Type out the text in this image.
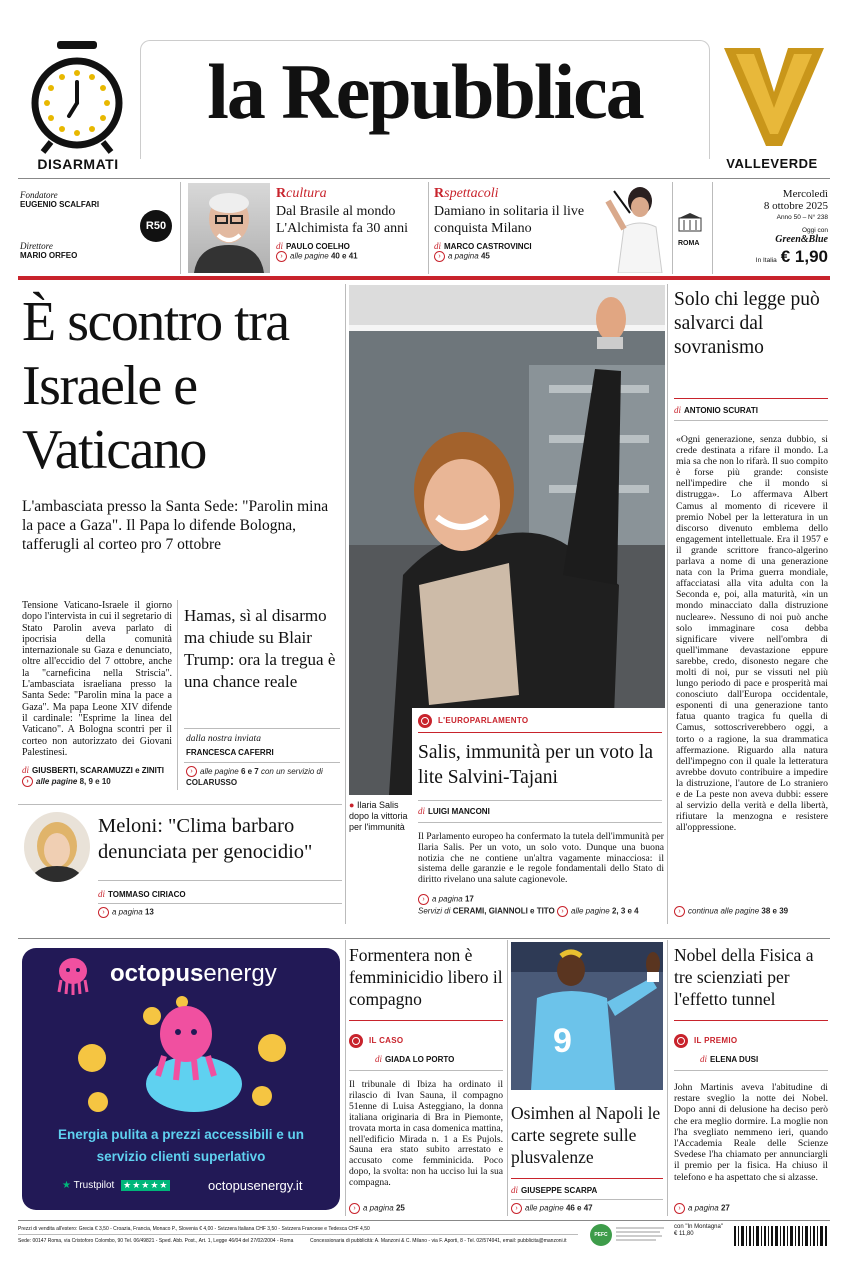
DISARMATI
la Repubblica
VALLEVERDE
Fondatore
EUGENIO SCALFARI
Direttore
MARIO ORFEO
R50
Rcultura
Dal Brasile al mondo L'Alchimista fa 30 anni
di PAULO COELHO
› alle pagine 40 e 41
Rspettacoli
Damiano in solitaria il live conquista Milano
di MARCO CASTROVINCI
› a pagina 45
ROMA
Mercoledì
8 ottobre 2025
Anno 50 – N° 238
Oggi con
Green&Blue
In Italia € 1,90
È scontro tra Israele e Vaticano
L'ambasciata presso la Santa Sede: "Parolin mina la pace a Gaza". Il Papa lo difende Bologna, tafferugli al corteo pro 7 ottobre
Tensione Vaticano-Israele il giorno dopo l'intervista in cui il segretario di Stato Parolin aveva parlato di ipocrisia della comunità internazionale su Gaza e denunciato, oltre all'eccidio del 7 ottobre, anche la "carneficina nella Striscia". L'ambasciata israeliana presso la Santa Sede: "Parolin mina la pace a Gaza". Ma papa Leone XIV difende il cardinale: "Esprime la linea del Vaticano". A Bologna scontri per il corteo non autorizzato dei Giovani Palestinesi.
di GIUSBERTI, SCARAMUZZI e ZINITI › alle pagine 8, 9 e 10
Hamas, sì al disarmo ma chiude su Blair Trump: ora la tregua è una chance reale
dalla nostra inviata
FRANCESCA CAFERRI
› alle pagine 6 e 7 con un servizio di COLARUSSO
Meloni: "Clima barbaro denunciata per genocidio"
di TOMMASO CIRIACO
› a pagina 13
● Ilaria Salis dopo la vittoria per l'immunità
L'EUROPARLAMENTO
Salis, immunità per un voto la lite Salvini-Tajani
di LUIGI MANCONI
Il Parlamento europeo ha confermato la tutela dell'immunità per Ilaria Salis. Per un voto, un solo voto. Dunque una buona notizia che ne contiene un'altra vagamente minacciosa: il sistema delle garanzie e le regole fondamentali dello Stato di diritto rivelano una salute cagionevole.
› a pagina 17
Servizi di CERAMI, GIANNOLI e TITO › alle pagine 2, 3 e 4
Solo chi legge può salvarci dal sovranismo
di ANTONIO SCURATI
«Ogni generazione, senza dubbio, si crede destinata a rifare il mondo. La mia sa che non lo rifarà. Il suo compito è forse più grande: consiste nell'impedire che il mondo si distrugga». Lo affermava Albert Camus al momento di ricevere il premio Nobel per la letteratura in un discorso divenuto emblema dello engagement intellettuale. Era il 1957 e il grande scrittore franco-algerino parlava a nome di una generazione nata con la Prima guerra mondiale, affacciatasi alla vita adulta con la Seconda e, poi, alla maturità, «in un mondo minacciato dalla distruzione nucleare». Nessuno di noi può anche solo immaginare cosa debba significare vivere nell'ombra di quell'immane devastazione eppure sarebbe, credo, disonesto negare che molti di noi, pur se vissuti nel più lungo periodo di pace e prosperità mai conosciuto dall'Europa occidentale, esponenti di una generazione tanto fatua quanto tragica fu quella di Camus, sottoscriverebbero oggi, a torto o a ragione, la sua drammatica affermazione. Riguardo alla natura dell'impegno con il quale la letteratura avrebbe dovuto contribuire a impedire la distruzione, l'autore de Lo straniero e de La peste non aveva dubbi: essere al servizio della verità e della libertà, rifiutare la menzogna e resistere all'oppressione.
› continua alle pagine 38 e 39
octopusenergy
Energia pulita a prezzi accessibili e un servizio clienti superlativo
★ Trustpilot ★★★★★	octopusenergy.it
Formentera non è femminicidio libero il compagno
IL CASO
di GIADA LO PORTO
Il tribunale di Ibiza ha ordinato il rilascio di Ivan Sauna, il compagno 51enne di Luisa Asteggiano, la donna italiana originaria di Bra in Piemonte, trovata morta in casa domenica mattina, nell'edificio Mirada n. 1 a Es Pujols. Sauna era stato subito arrestato e accusato come femminicida. Poco dopo, la svolta: non ha ucciso lui la sua compagna.
› a pagina 25
9
Osimhen al Napoli le carte segrete sulle plusvalenze
di GIUSEPPE SCARPA
› alle pagine 46 e 47
Nobel della Fisica a tre scienziati per l'effetto tunnel
IL PREMIO
di ELENA DUSI
John Martinis aveva l'abitudine di restare sveglio la notte dei Nobel. Dopo anni di delusione ha deciso però che era meglio dormire. La moglie non l'ha svegliato nemmeno ieri, quando l'Accademia Reale delle Scienze Svedese l'ha chiamato per annunciargli il premio per la fisica. Ha chiuso il telefono e ha aspettato che si alzasse.
› a pagina 27
Prezzi di vendita all'estero: Grecia € 3,50 - Croazia, Francia, Monaco P., Slovenia € 4,00 - Svizzera Italiana CHF 3,50 - Svizzera Francese e Tedesca CHF 4,50
Sede: 00147 Roma, via Cristoforo Colombo, 90 Tel. 06/49821 - Sped. Abb. Post., Art. 1, Legge 46/04 del 27/02/2004 - Roma	Concessionaria di pubblicità: A. Manzoni & C. Milano - via F. Aporti, 8 - Tel. 02/574941, email: pubblicita@manzoni.it
PEFC
con "In Montagna" € 11,80
